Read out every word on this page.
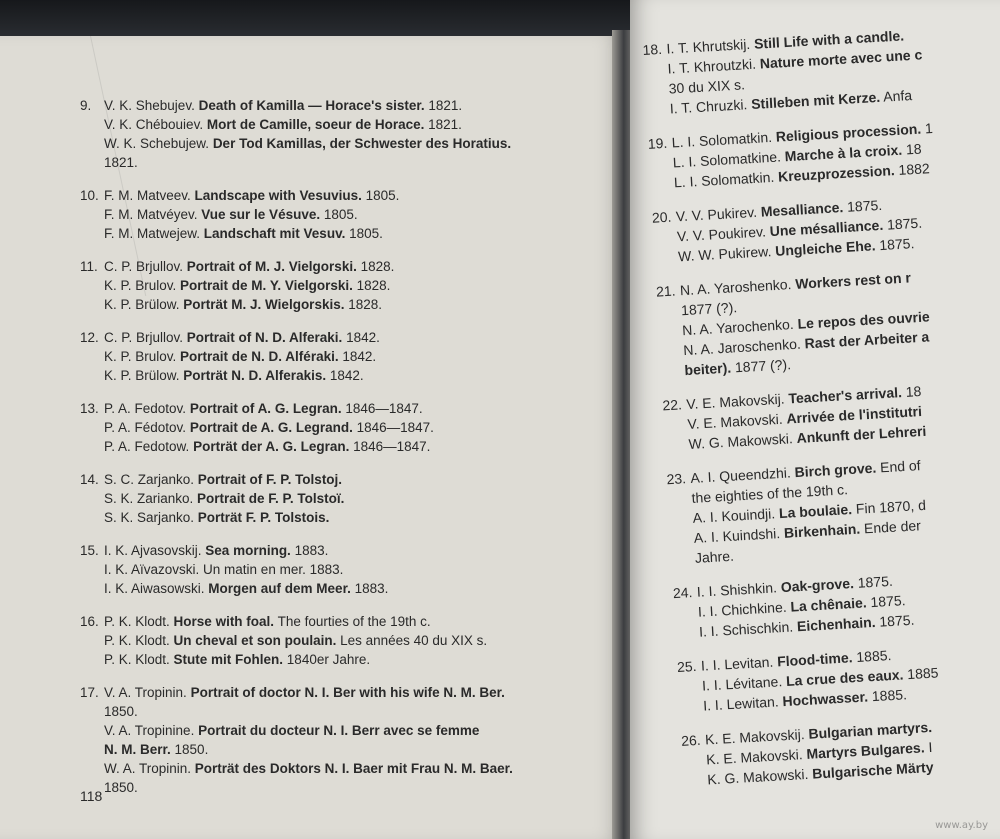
9. V. K. Shebujev. Death of Kamilla — Horace's sister. 1821.
V. K. Chébouiev. Mort de Camille, soeur de Horace. 1821.
W. K. Schebujew. Der Tod Kamillas, der Schwester des Horatius.
1821.
10. F. M. Matveev. Landscape with Vesuvius. 1805.
F. M. Matvéyev. Vue sur le Vésuve. 1805.
F. M. Matwejew. Landschaft mit Vesuv. 1805.
11. C. P. Brjullov. Portrait of M. J. Vielgorski. 1828.
K. P. Brulov. Portrait de M. Y. Vielgorski. 1828.
K. P. Brülow. Porträt M. J. Wielgorskis. 1828.
12. C. P. Brjullov. Portrait of N. D. Alferaki. 1842.
K. P. Brulov. Portrait de N. D. Alféraki. 1842.
K. P. Brülow. Porträt N. D. Alferakis. 1842.
13. P. A. Fedotov. Portrait of A. G. Legran. 1846—1847.
P. A. Fédotov. Portrait de A. G. Legrand. 1846—1847.
P. A. Fedotow. Porträt der A. G. Legran. 1846—1847.
14. S. C. Zarjanko. Portrait of F. P. Tolstoj.
S. K. Zarianko. Portrait de F. P. Tolstoï.
S. K. Sarjanko. Porträt F. P. Tolstois.
15. I. K. Ajvasovskij. Sea morning. 1883.
I. K. Aïvazovski. Un matin en mer. 1883.
I. K. Aiwasowski. Morgen auf dem Meer. 1883.
16. P. K. Klodt. Horse with foal. The fourties of the 19th c.
P. K. Klodt. Un cheval et son poulain. Les années 40 du XIX s.
P. K. Klodt. Stute mit Fohlen. 1840er Jahre.
17. V. A. Tropinin. Portrait of doctor N. I. Ber with his wife N. M. Ber.
1850.
V. A. Tropinine. Portrait du docteur N. I. Berr avec se femme
N. M. Berr. 1850.
W. A. Tropinin. Porträt des Doktors N. I. Baer mit Frau N. M. Baer.
1850.
118
18. I. T. Khrutskij. Still Life with a candle.
I. T. Khroutzki. Nature morte avec une c
30 du XIX s.
I. T. Chruzki. Stilleben mit Kerze. Anfa
19. L. I. Solomatkin. Religious procession. 1
L. I. Solomatkine. Marche à la croix. 18
L. I. Solomatkin. Kreuzprozession. 1882
20. V. V. Pukirev. Mesalliance. 1875.
V. V. Poukirev. Une mésalliance. 1875.
W. W. Pukirew. Ungleiche Ehe. 1875.
21. N. A. Yaroshenko. Workers rest on r
1877 (?).
N. A. Yarochenko. Le repos des ouvrie
N. A. Jaroschenko. Rast der Arbeiter a
beiter). 1877 (?).
22. V. E. Makovskij. Teacher's arrival. 18
V. E. Makovski. Arrivée de l'institutri
W. G. Makowski. Ankunft der Lehreri
23. A. I. Queendzhi. Birch grove. End of
the eighties of the 19th c.
A. I. Kouindji. La boulaie. Fin 1870, d
A. I. Kuindshi. Birkenhain. Ende der
Jahre.
24. I. I. Shishkin. Oak-grove. 1875.
I. I. Chichkine. La chênaie. 1875.
I. I. Schischkin. Eichenhain. 1875.
25. I. I. Levitan. Flood-time. 1885.
I. I. Lévitane. La crue des eaux. 1885
I. I. Lewitan. Hochwasser. 1885.
26. K. E. Makovskij. Bulgarian martyrs.
K. E. Makovski. Martyrs Bulgares. I
K. G. Makowski. Bulgarische Märty
www.ay.by
